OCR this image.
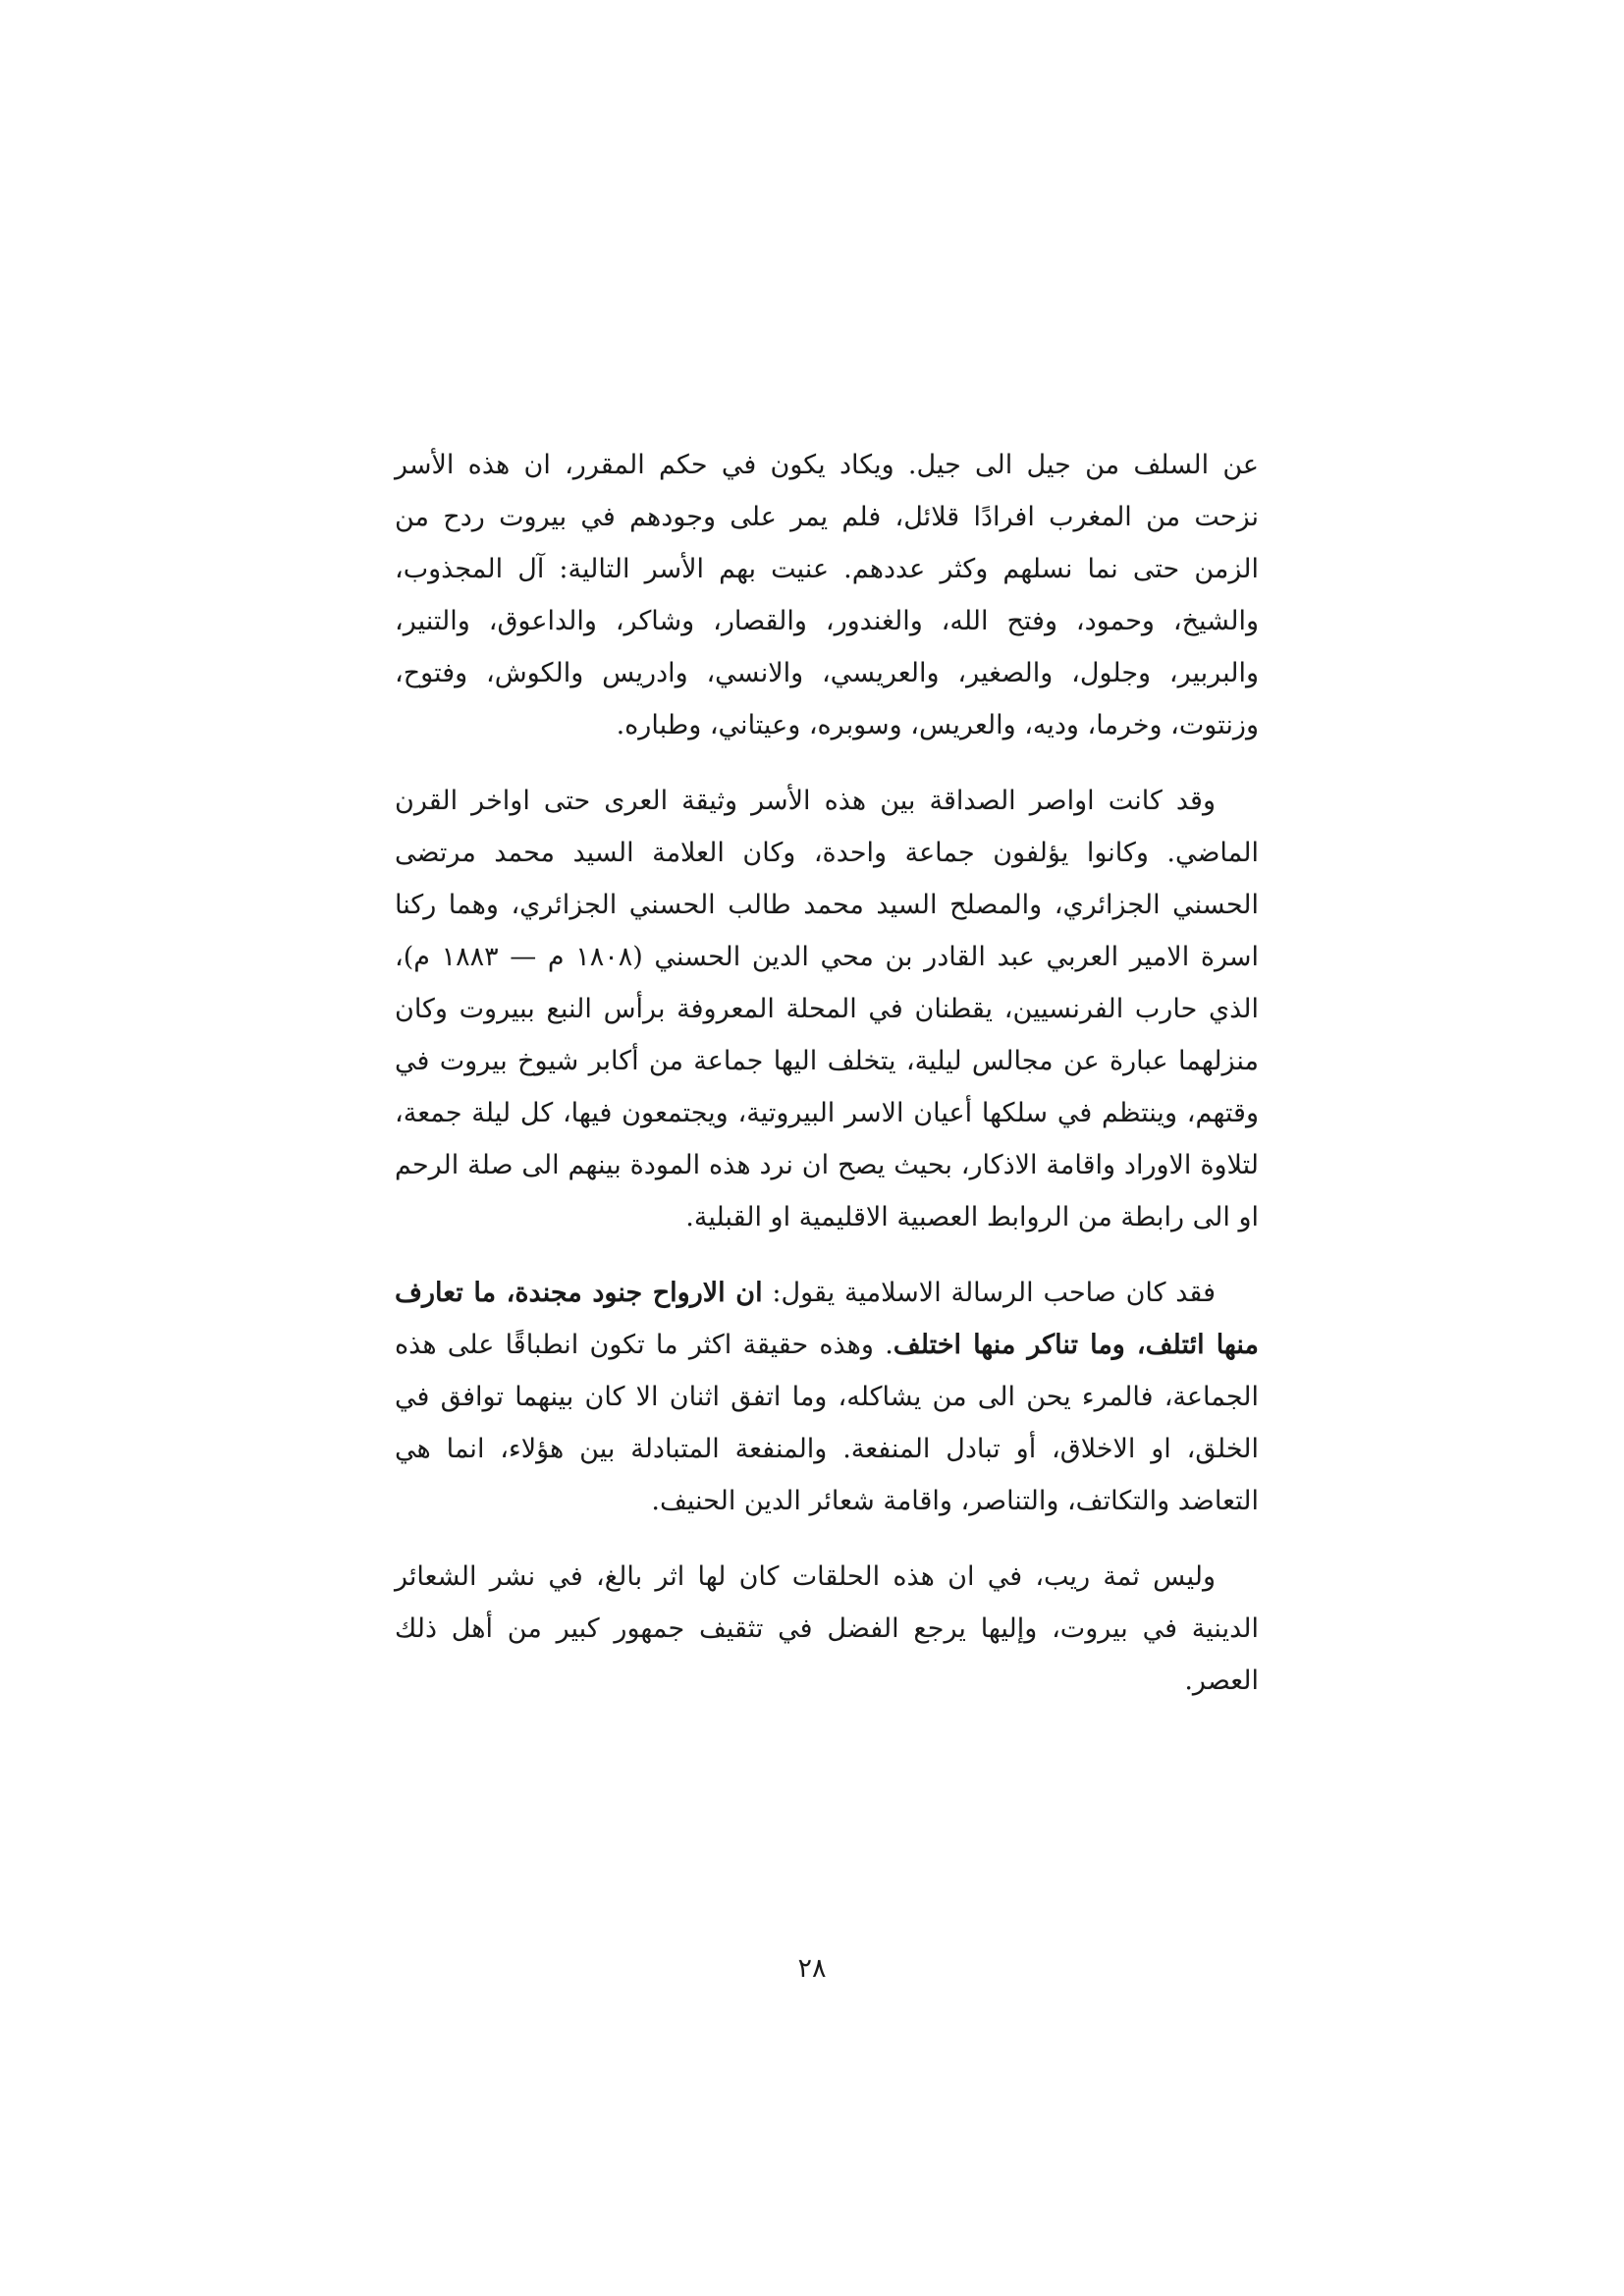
عن السلف من جيل الى جيل. ويكاد يكون في حكم المقرر، ان هذه الأسر نزحت من المغرب افرادًا قلائل، فلم يمر على وجودهم في بيروت ردح من الزمن حتى نما نسلهم وكثر عددهم. عنيت بهم الأسر التالية: آل المجذوب، والشيخ، وحمود، وفتح الله، والغندور، والقصار، وشاكر، والداعوق، والتنير، والبربير، وجلول، والصغير، والعريسي، والانسي، وادريس والكوش، وفتوح، وزنتوت، وخرما، وديه، والعريس، وسوبره، وعيتاني، وطباره.

وقد كانت اواصر الصداقة بين هذه الأسر وثيقة العرى حتى اواخر القرن الماضي. وكانوا يؤلفون جماعة واحدة، وكان العلامة السيد محمد مرتضى الحسني الجزائري، والمصلح السيد محمد طالب الحسني الجزائري، وهما ركنا اسرة الامير العربي عبد القادر بن محي الدين الحسني (١٨٠٨ م — ١٨٨٣ م)، الذي حارب الفرنسيين، يقطنان في المحلة المعروفة برأس النبع ببيروت وكان منزلهما عبارة عن مجالس ليلية، يتخلف اليها جماعة من أكابر شيوخ بيروت في وقتهم، وينتظم في سلكها أعيان الاسر البيروتية، ويجتمعون فيها، كل ليلة جمعة، لتلاوة الاوراد واقامة الاذكار، بحيث يصح ان نرد هذه المودة بينهم الى صلة الرحم او الى رابطة من الروابط العصبية الاقليمية او القبلية.

فقد كان صاحب الرسالة الاسلامية يقول: ان الارواح جنود مجندة، ما تعارف منها ائتلف، وما تناكر منها اختلف. وهذه حقيقة اكثر ما تكون انطباقًا على هذه الجماعة، فالمرء يحن الى من يشاكله، وما اتفق اثنان الا كان بينهما توافق في الخلق، او الاخلاق، أو تبادل المنفعة. والمنفعة المتبادلة بين هؤلاء، انما هي التعاضد والتكاتف، والتناصر، واقامة شعائر الدين الحنيف.

وليس ثمة ريب، في ان هذه الحلقات كان لها اثر بالغ، في نشر الشعائر الدينية في بيروت، وإليها يرجع الفضل في تثقيف جمهور كبير من أهل ذلك العصر.

٢٨
